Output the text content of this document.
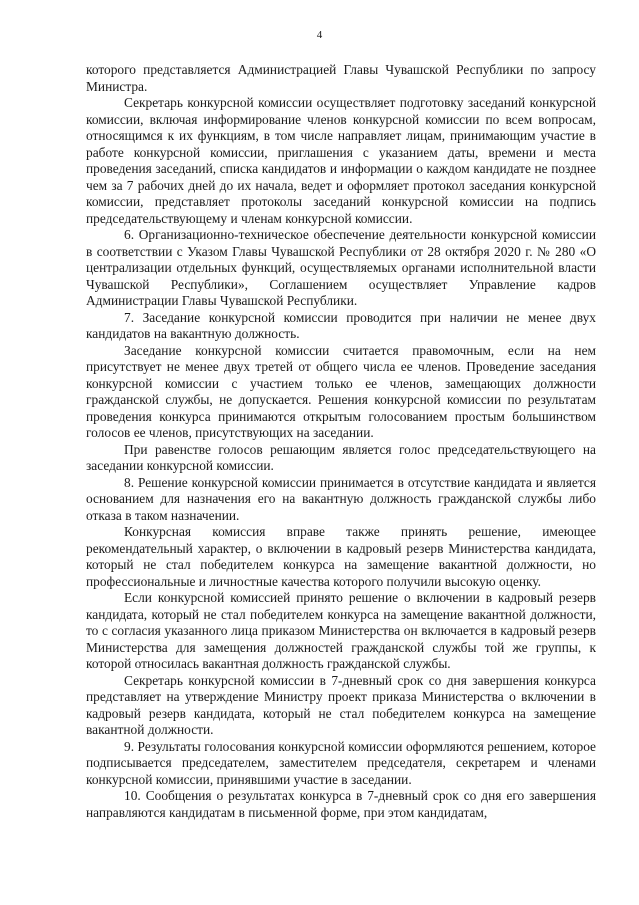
4

которого представляется Администрацией Главы Чувашской Республики по запросу Министра.

Секретарь конкурсной комиссии осуществляет подготовку заседаний конкурсной комиссии, включая информирование членов конкурсной комиссии по всем вопросам, относящимся к их функциям, в том числе направляет лицам, принимающим участие в работе конкурсной комиссии, приглашения с указанием даты, времени и места проведения заседаний, списка кандидатов и информации о каждом кандидате не позднее чем за 7 рабочих дней до их начала, ведет и оформляет протокол заседания конкурсной комиссии, представляет протоколы заседаний конкурсной комиссии на подпись председательствующему и членам конкурсной комиссии.

6. Организационно-техническое обеспечение деятельности конкурсной комиссии в соответствии с Указом Главы Чувашской Республики от 28 октября 2020 г. № 280 «О централизации отдельных функций, осуществляемых органами исполнительной власти Чувашской Республики», Соглашением осуществляет Управление кадров Администрации Главы Чувашской Республики.

7. Заседание конкурсной комиссии проводится при наличии не менее двух кандидатов на вакантную должность.

Заседание конкурсной комиссии считается правомочным, если на нем присутствует не менее двух третей от общего числа ее членов. Проведение заседания конкурсной комиссии с участием только ее членов, замещающих должности гражданской службы, не допускается. Решения конкурсной комиссии по результатам проведения конкурса принимаются открытым голосованием простым большинством голосов ее членов, присутствующих на заседании.

При равенстве голосов решающим является голос председательствующего на заседании конкурсной комиссии.

8. Решение конкурсной комиссии принимается в отсутствие кандидата и является основанием для назначения его на вакантную должность гражданской службы либо отказа в таком назначении.

Конкурсная комиссия вправе также принять решение, имеющее рекомендательный характер, о включении в кадровый резерв Министерства кандидата, который не стал победителем конкурса на замещение вакантной должности, но профессиональные и личностные качества которого получили высокую оценку.

Если конкурсной комиссией принято решение о включении в кадровый резерв кандидата, который не стал победителем конкурса на замещение вакантной должности, то с согласия указанного лица приказом Министерства он включается в кадровый резерв Министерства для замещения должностей гражданской службы той же группы, к которой относилась вакантная должность гражданской службы.

Секретарь конкурсной комиссии в 7-дневный срок со дня завершения конкурса представляет на утверждение Министру проект приказа Министерства о включении в кадровый резерв кандидата, который не стал победителем конкурса на замещение вакантной должности.

9. Результаты голосования конкурсной комиссии оформляются решением, которое подписывается председателем, заместителем председателя, секретарем и членами конкурсной комиссии, принявшими участие в заседании.

10. Сообщения о результатах конкурса в 7-дневный срок со дня его завершения направляются кандидатам в письменной форме, при этом кандидатам,
